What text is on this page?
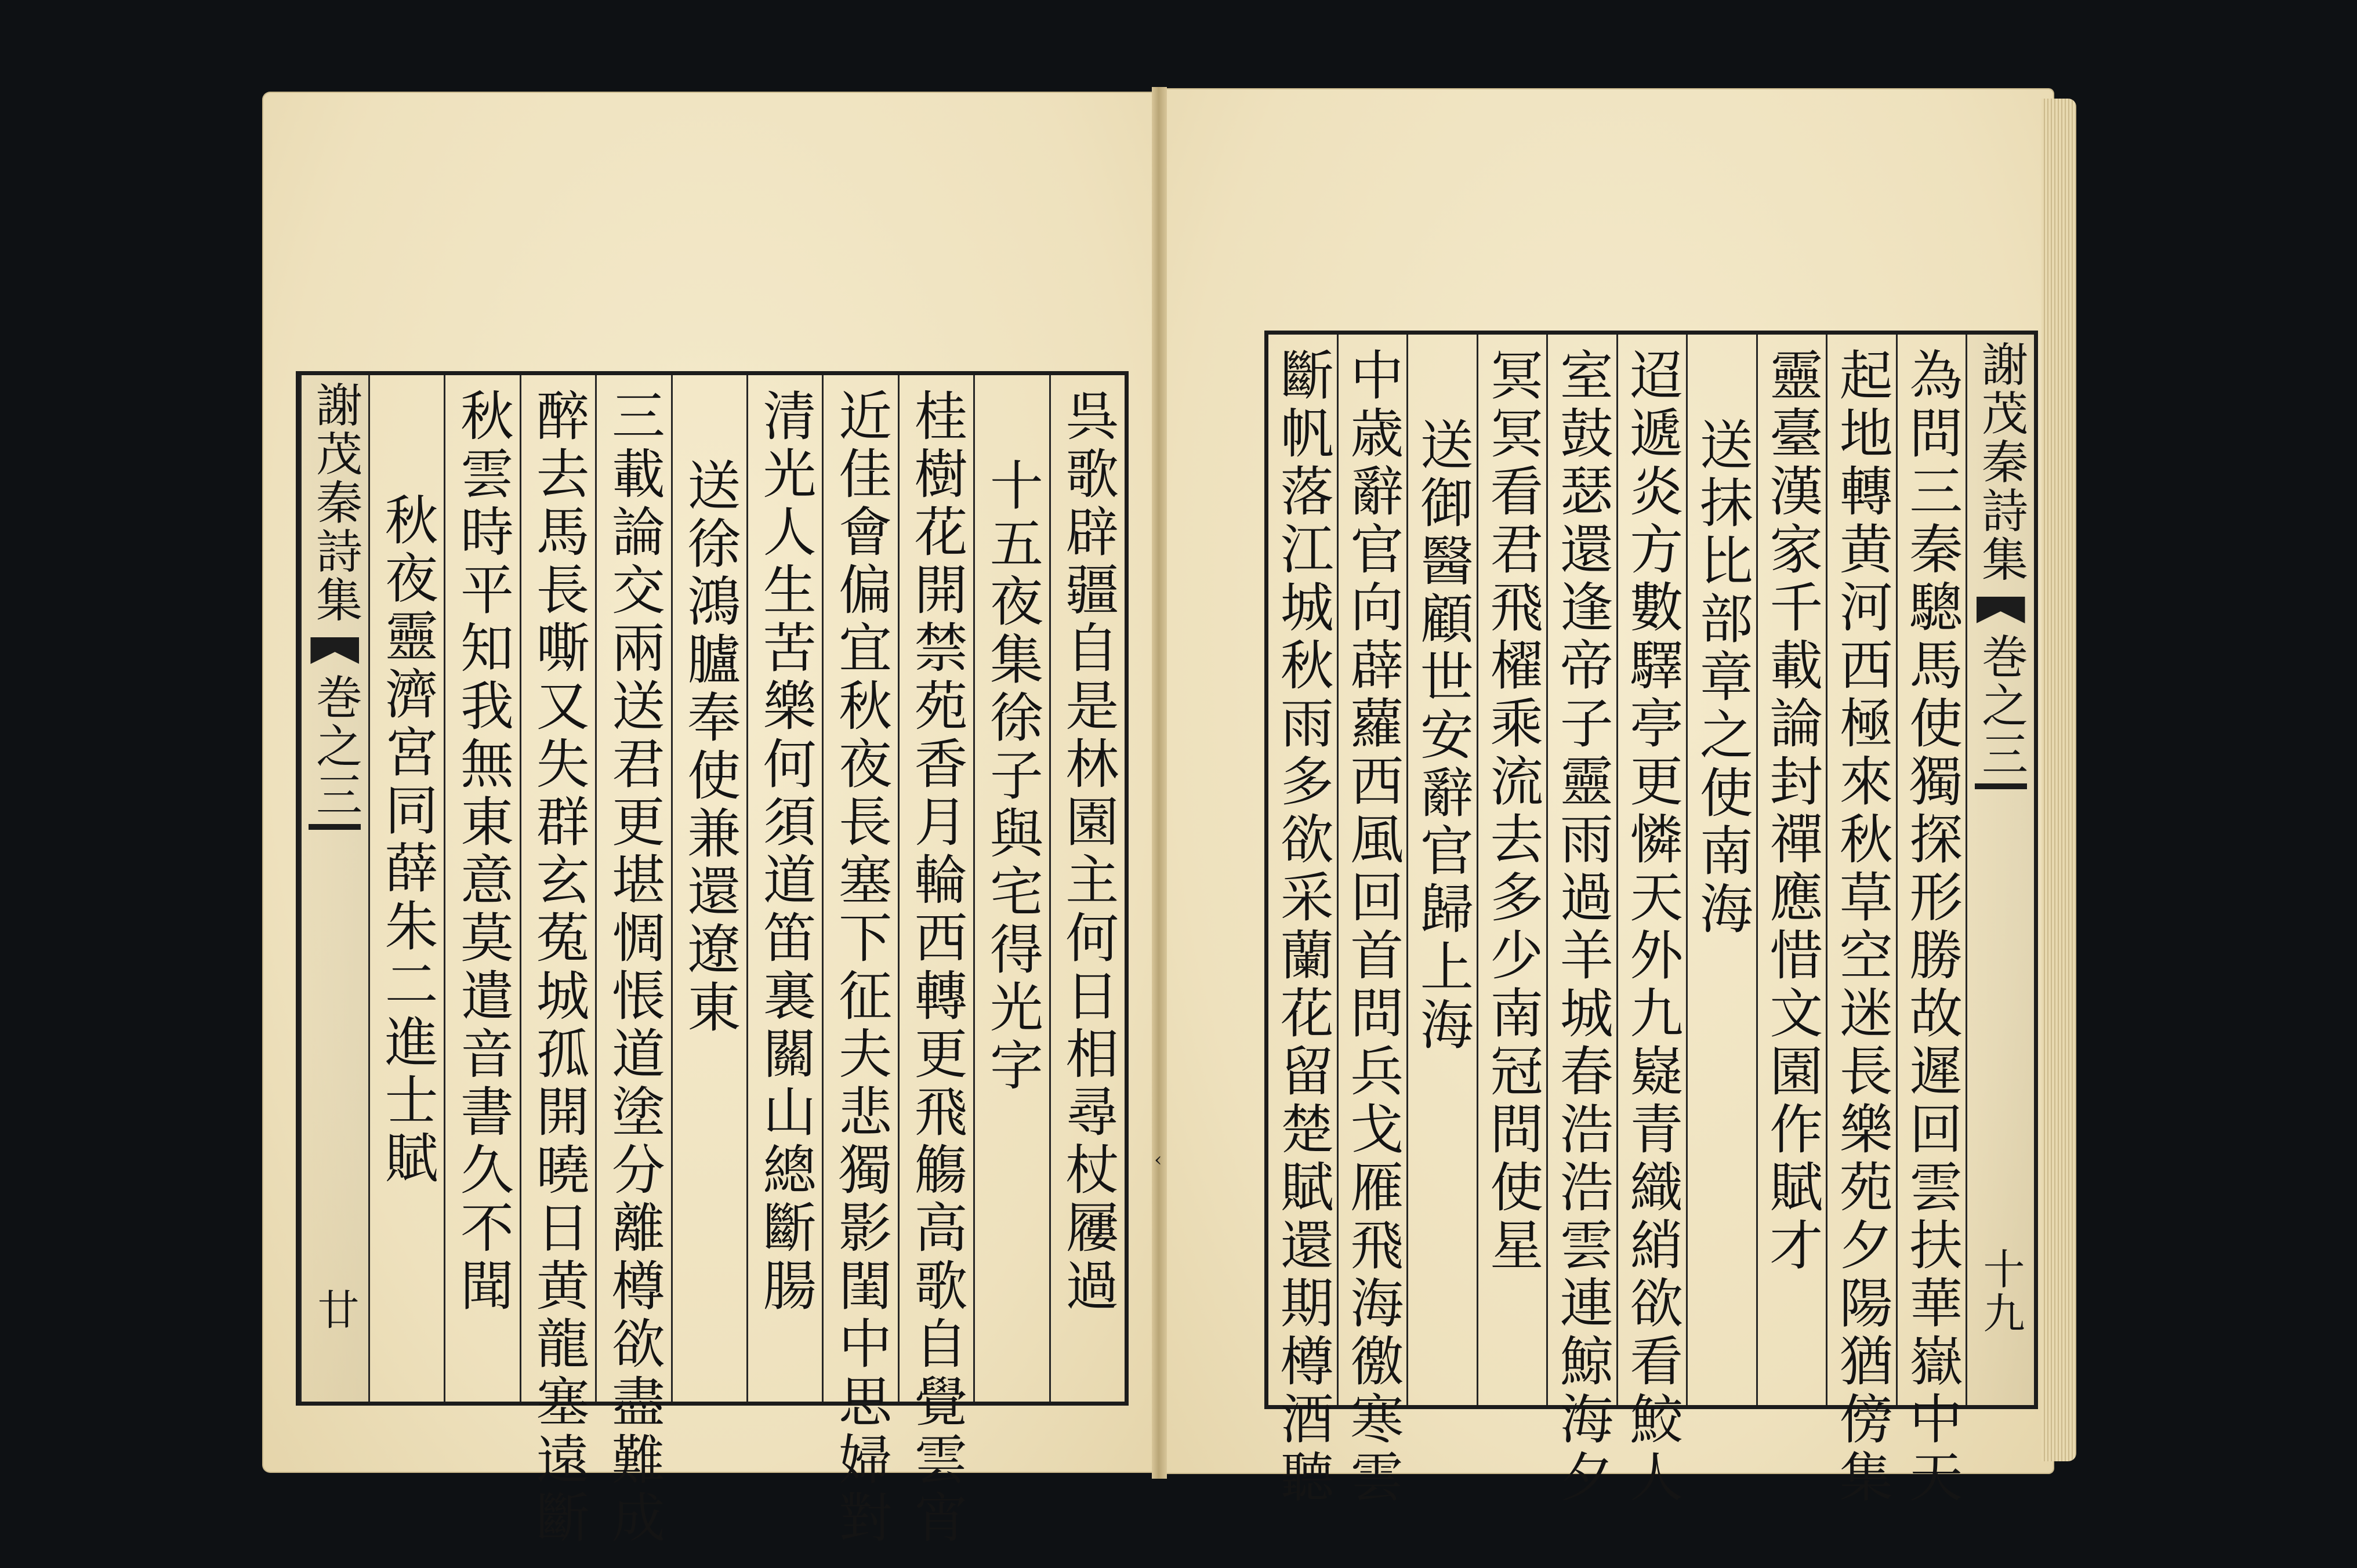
‹
呉歌辟疆自是林園主何日相尋杖屨過
十五夜集徐子與宅得光字
桂樹花開禁苑香月輪西轉更飛觴高歌自覺雲宵
近佳會偏宜秋夜長塞下征夫悲獨影閨中思婦對
清光人生苦樂何須道笛裏關山總斷腸
送徐鴻臚奉使兼還遼東
三載論交兩送君更堪惆悵道塗分離樽欲盡難成
醉去馬長嘶又失群玄菟城孤開曉日黄龍塞遠斷
秋雲時平知我無東意莫遣音書久不聞
秋夜靈濟宮同薛朱二進士賦
謝茂秦詩集
巻之三
廿
謝茂秦詩集
巻之三
十九
為問三秦驄馬使獨探形勝故遲回雲扶華嶽中天
起地轉黄河西極來秋草空迷長樂苑夕陽猶傍集
靈臺漢家千載論封禪應惜文園作賦才
送抹比部章之使南海
迢遞炎方數驛亭更憐天外九嶷青織綃欲看鮫人
室鼓瑟還逢帝子靈雨過羊城春浩浩雲連鯨海夕
冥冥看君飛櫂乘流去多少南冠問使星
送御醫顧世安辭官歸上海
中歳辭官向薜蘿西風回首問兵戈雁飛海徼寒雲
斷帆落江城秋雨多欲采蘭花留楚賦還期樽酒聽
